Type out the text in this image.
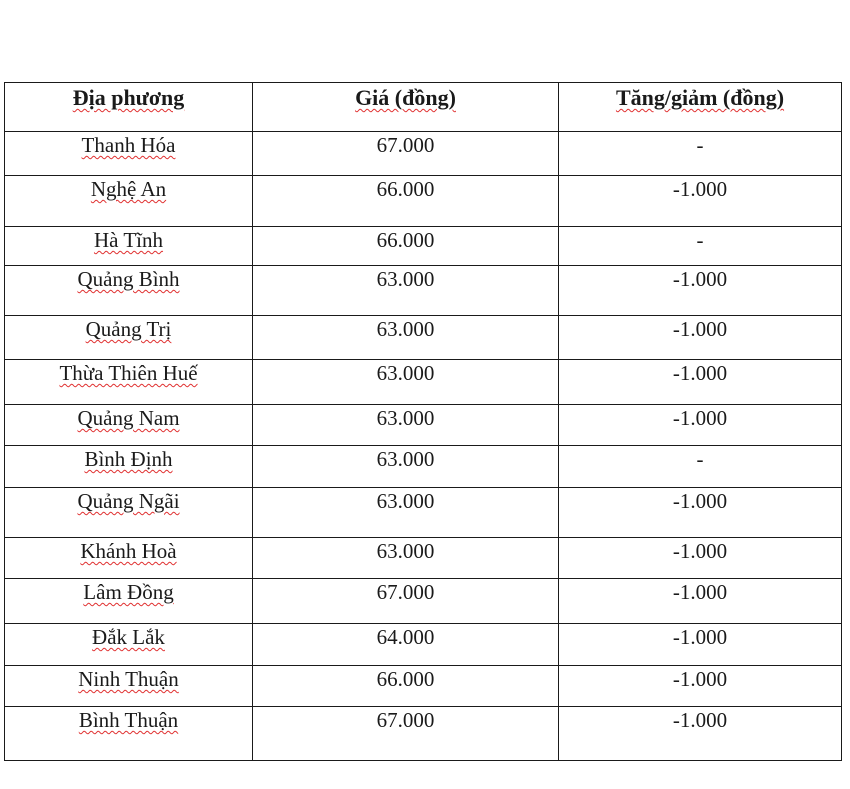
Địa phương	Giá (đồng)	Tăng/giảm (đồng)
Thanh Hóa	67.000	-
Nghệ An	66.000	-1.000
Hà Tĩnh	66.000	-
Quảng Bình	63.000	-1.000
Quảng Trị	63.000	-1.000
Thừa Thiên Huế	63.000	-1.000
Quảng Nam	63.000	-1.000
Bình Định	63.000	-
Quảng Ngãi	63.000	-1.000
Khánh Hoà	63.000	-1.000
Lâm Đồng	67.000	-1.000
Đắk Lắk	64.000	-1.000
Ninh Thuận	66.000	-1.000
Bình Thuận	67.000	-1.000
